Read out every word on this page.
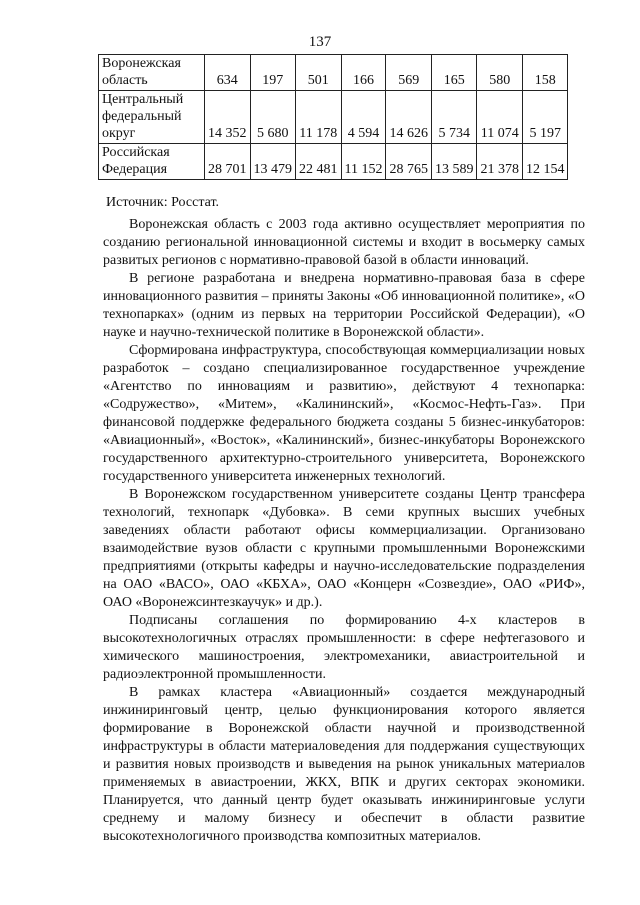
137
Воронежская
область	634	197	501	166	569	165	580	158
Центральный
федеральный
округ	14 352	5 680	11 178	4 594	14 626	5 734	11 074	5 197
Российская
Федерация	28 701	13 479	22 481	11 152	28 765	13 589	21 378	12 154
Источник: Росстат.

Воронежская область с 2003 года активно осуществляет мероприятия по созданию региональной инновационной системы и входит в восьмерку самых развитых регионов с нормативно-правовой базой в области инноваций.

В регионе разработана и внедрена нормативно-правовая база в сфере инновационного развития – приняты Законы «Об инновационной политике», «О технопарках» (одним из первых на территории Российской Федерации), «О науке и научно-технической политике в Воронежской области».

Сформирована инфраструктура, способствующая коммерциализации новых разработок – создано специализированное государственное учреждение «Агентство по инновациям и развитию», действуют 4 технопарка: «Содружество», «Митем», «Калининский», «Космос-Нефть-Газ». При финансовой поддержке федерального бюджета созданы 5 бизнес-инкубаторов: «Авиационный», «Восток», «Калининский», бизнес-инкубаторы Воронежского государственного архитектурно-строительного университета, Воронежского государственного университета инженерных технологий.

В Воронежском государственном университете созданы Центр трансфера технологий, технопарк «Дубовка». В семи крупных высших учебных заведениях области работают офисы коммерциализации. Организовано взаимодействие вузов области с крупными промышленными Воронежскими предприятиями (открыты кафедры и научно-исследовательские подразделения на ОАО «ВАСО», ОАО «КБХА», ОАО «Концерн «Созвездие», ОАО «РИФ», ОАО «Воронежсинтезкаучук» и др.).

Подписаны соглашения по формированию 4-х кластеров в высокотехнологичных отраслях промышленности: в сфере нефтегазового и химического машиностроения, электромеханики, авиастроительной и радиоэлектронной промышленности.

В рамках кластера «Авиационный» создается международный инжиниринговый центр, целью функционирования которого является формирование в Воронежской области научной и производственной инфраструктуры в области материаловедения для поддержания существующих и развития новых производств и выведения на рынок уникальных материалов применяемых в авиастроении, ЖКХ, ВПК и других секторах экономики. Планируется, что данный центр будет оказывать инжиниринговые услуги среднему и малому бизнесу и обеспечит в области развитие высокотехнологичного производства композитных материалов.
